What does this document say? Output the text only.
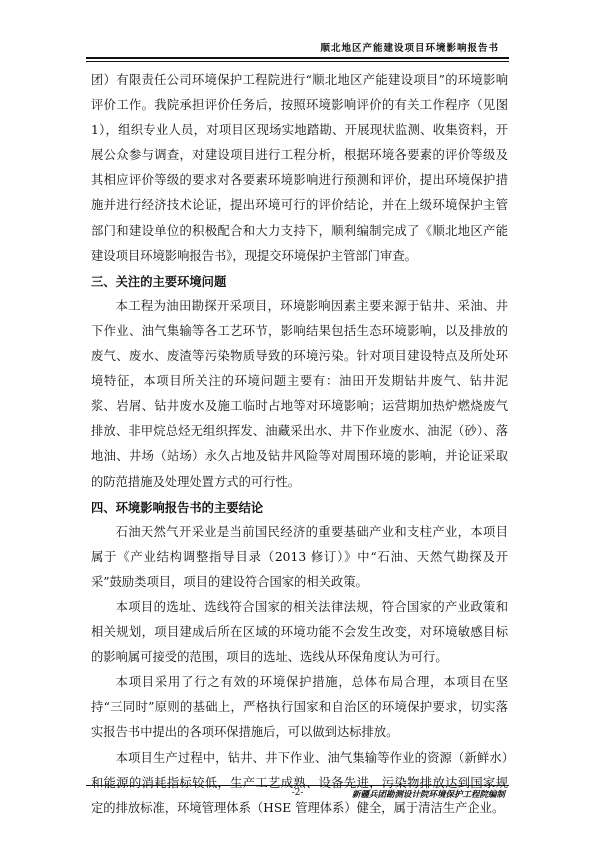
顺北地区产能建设项目环境影响报告书

团）有限责任公司环境保护工程院进行“顺北地区产能建设项目”的环境影响评价工作。我院承担评价任务后，按照环境影响评价的有关工作程序（见图 1），组织专业人员，对项目区现场实地踏勘、开展现状监测、收集资料，开展公众参与调查，对建设项目进行工程分析，根据环境各要素的评价等级及其相应评价等级的要求对各要素环境影响进行预测和评价，提出环境保护措施并进行经济技术论证，提出环境可行的评价结论，并在上级环境保护主管部门和建设单位的积极配合和大力支持下，顺利编制完成了《顺北地区产能建设项目环境影响报告书》，现提交环境保护主管部门审查。

三、关注的主要环境问题

本工程为油田勘探开采项目，环境影响因素主要来源于钻井、采油、井下作业、油气集输等各工艺环节，影响结果包括生态环境影响，以及排放的废气、废水、废渣等污染物质导致的环境污染。针对项目建设特点及所处环境特征，本项目所关注的环境问题主要有：油田开发期钻井废气、钻井泥浆、岩屑、钻井废水及施工临时占地等对环境影响；运营期加热炉燃烧废气排放、非甲烷总烃无组织挥发、油藏采出水、井下作业废水、油泥（砂）、落地油、井场（站场）永久占地及钻井风险等对周围环境的影响，并论证采取的防范措施及处理处置方式的可行性。

四、环境影响报告书的主要结论

石油天然气开采业是当前国民经济的重要基础产业和支柱产业，本项目属于《产业结构调整指导目录（2013 修订）》中“石油、天然气勘探及开采”鼓励类项目，项目的建设符合国家的相关政策。

本项目的选址、选线符合国家的相关法律法规，符合国家的产业政策和相关规划，项目建成后所在区域的环境功能不会发生改变，对环境敏感目标的影响属可接受的范围，项目的选址、选线从环保角度认为可行。

本项目采用了行之有效的环境保护措施，总体布局合理，本项目在坚持“三同时”原则的基础上，严格执行国家和自治区的环境保护要求，切实落实报告书中提出的各项环保措施后，可以做到达标排放。

本项目生产过程中，钻井、井下作业、油气集输等作业的资源（新鲜水）和能源的消耗指标较低，生产工艺成熟、设备先进，污染物排放达到国家规定的排放标准，环境管理体系（HSE 管理体系）健全，属于清洁生产企业。

-2-	新疆兵团勘测设计院环境保护工程院编制
